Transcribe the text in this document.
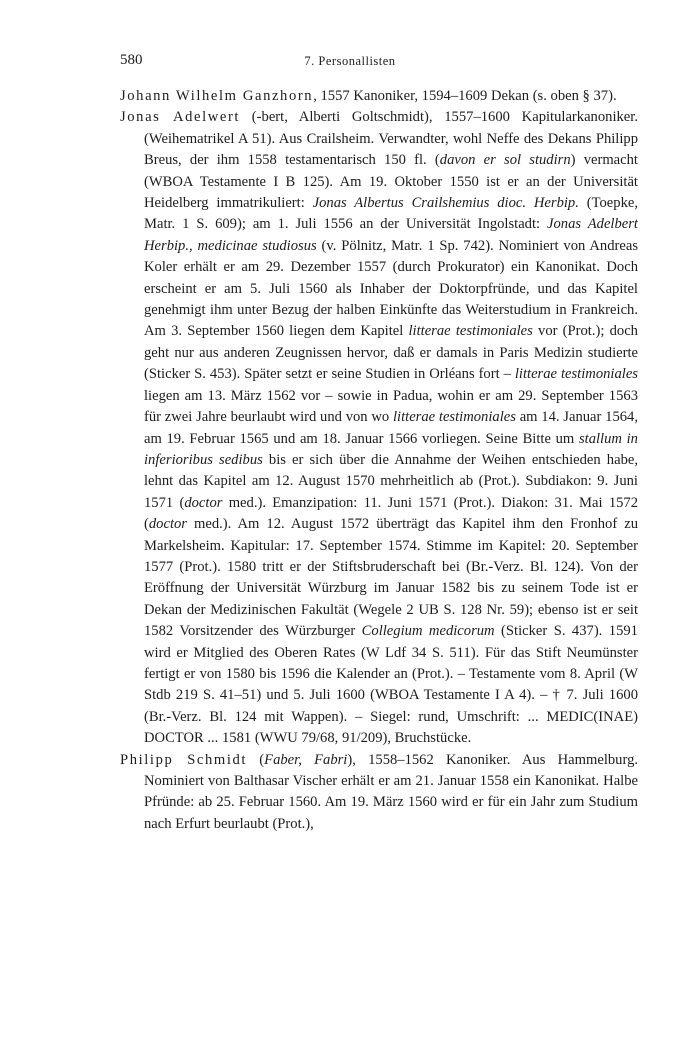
580	7. Personallisten

Johann Wilhelm Ganzhorn, 1557 Kanoniker, 1594–1609 Dekan (s. oben § 37).

Jonas Adelwert (-bert, Alberti Goltschmidt), 1557–1600 Kapitularkanoniker. (Weihematrikel A 51). Aus Crailsheim. Verwandter, wohl Neffe des Dekans Philipp Breus, der ihm 1558 testamentarisch 150 fl. (davon er sol studirn) vermacht (WBOA Testamente I B 125). Am 19. Oktober 1550 ist er an der Universität Heidelberg immatrikuliert: Jonas Albertus Crailshemius dioc. Herbip. (Toepke, Matr. 1 S. 609); am 1. Juli 1556 an der Universität Ingolstadt: Jonas Adelbert Herbip., medicinae studiosus (v. Pölnitz, Matr. 1 Sp. 742). Nominiert von Andreas Koler erhält er am 29. Dezember 1557 (durch Prokurator) ein Kanonikat. Doch erscheint er am 5. Juli 1560 als Inhaber der Doktorpfründe, und das Kapitel genehmigt ihm unter Bezug der halben Einkünfte das Weiterstudium in Frankreich. Am 3. September 1560 liegen dem Kapitel litterae testimoniales vor (Prot.); doch geht nur aus anderen Zeugnissen hervor, daß er damals in Paris Medizin studierte (Sticker S. 453). Später setzt er seine Studien in Orléans fort – litterae testimoniales liegen am 13. März 1562 vor – sowie in Padua, wohin er am 29. September 1563 für zwei Jahre beurlaubt wird und von wo litterae testimoniales am 14. Januar 1564, am 19. Februar 1565 und am 18. Januar 1566 vorliegen. Seine Bitte um stallum in inferioribus sedibus bis er sich über die Annahme der Weihen entschieden habe, lehnt das Kapitel am 12. August 1570 mehrheitlich ab (Prot.). Subdiakon: 9. Juni 1571 (doctor med.). Emanzipation: 11. Juni 1571 (Prot.). Diakon: 31. Mai 1572 (doctor med.). Am 12. August 1572 überträgt das Kapitel ihm den Fronhof zu Markelsheim. Kapitular: 17. September 1574. Stimme im Kapitel: 20. September 1577 (Prot.). 1580 tritt er der Stiftsbruderschaft bei (Br.-Verz. Bl. 124). Von der Eröffnung der Universität Würzburg im Januar 1582 bis zu seinem Tode ist er Dekan der Medizinischen Fakultät (Wegele 2 UB S. 128 Nr. 59); ebenso ist er seit 1582 Vorsitzender des Würzburger Collegium medicorum (Sticker S. 437). 1591 wird er Mitglied des Oberen Rates (W Ldf 34 S. 511). Für das Stift Neumünster fertigt er von 1580 bis 1596 die Kalender an (Prot.). – Testamente vom 8. April (W Stdb 219 S. 41–51) und 5. Juli 1600 (WBOA Testamente I A 4). – † 7. Juli 1600 (Br.-Verz. Bl. 124 mit Wappen). – Siegel: rund, Umschrift: ... MEDIC(INAE) DOCTOR ... 1581 (WWU 79/68, 91/209), Bruchstücke.

Philipp Schmidt (Faber, Fabri), 1558–1562 Kanoniker. Aus Hammelburg. Nominiert von Balthasar Vischer erhält er am 21. Januar 1558 ein Kanonikat. Halbe Pfründe: ab 25. Februar 1560. Am 19. März 1560 wird er für ein Jahr zum Studium nach Erfurt beurlaubt (Prot.),
